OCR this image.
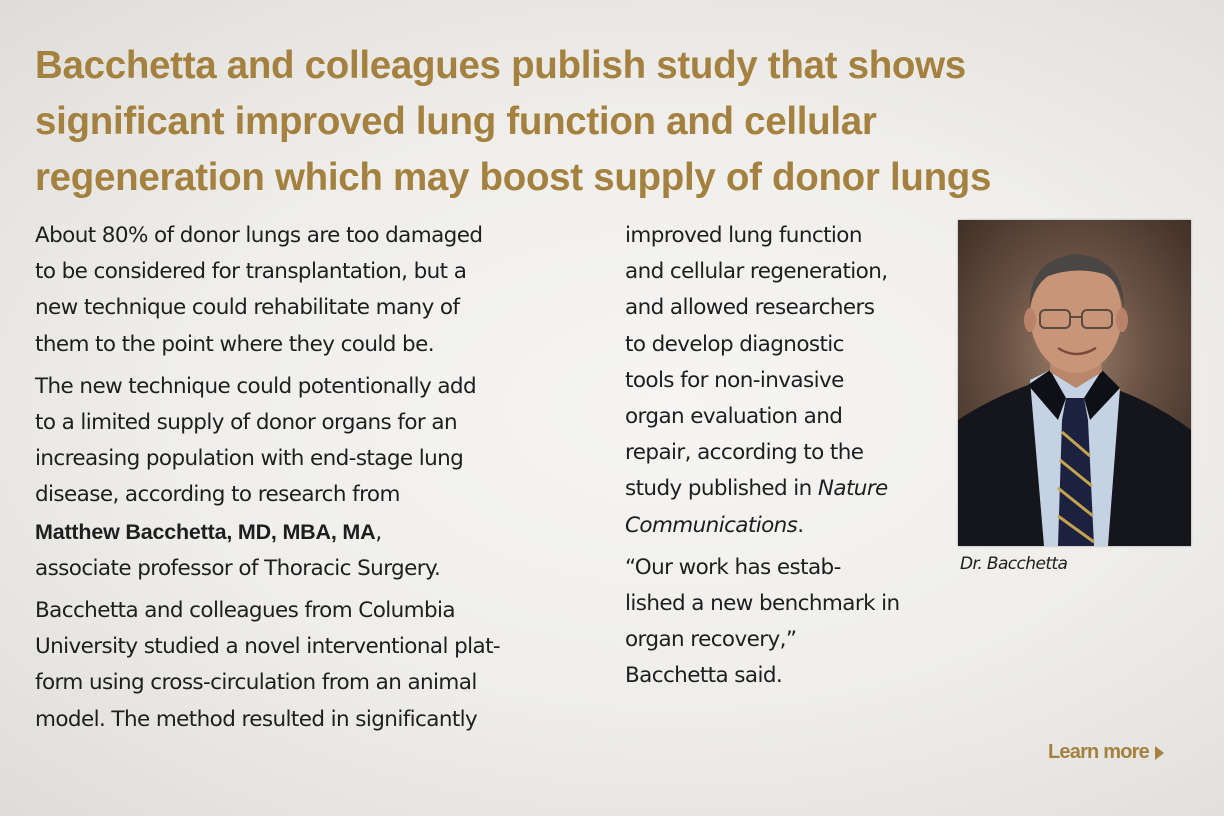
Bacchetta and colleagues publish study that shows
significant improved lung function and cellular
regeneration which may boost supply of donor lungs

About 80% of donor lungs are too damaged
to be considered for transplantation, but a
new technique could rehabilitate many of
them to the point where they could be.

The new technique could potentionally add
to a limited supply of donor organs for an
increasing population with end-stage lung
disease, according to research from
Matthew Bacchetta, MD, MBA, MA,
associate professor of Thoracic Surgery.

Bacchetta and colleagues from Columbia
University studied a novel interventional plat-
form using cross-circulation from an animal
model. The method resulted in significantly

improved lung function
and cellular regeneration,
and allowed researchers
to develop diagnostic
tools for non-invasive
organ evaluation and
repair, according to the
study published in Nature
Communications.

“Our work has estab-
lished a new benchmark in
organ recovery,”
Bacchetta said.

Dr. Bacchetta
Learn more
